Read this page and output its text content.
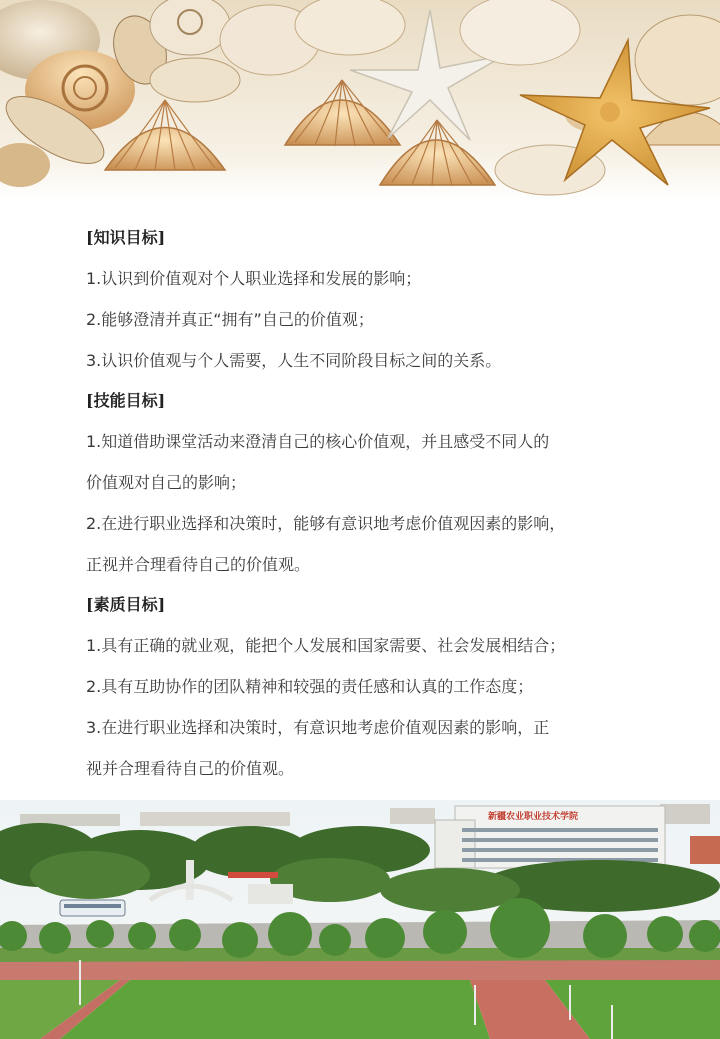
[知识目标]
1.认识到价值观对个人职业选择和发展的影响；
2.能够澄清并真正“拥有”自己的价值观；
3.认识价值观与个人需要，人生不同阶段目标之间的关系。
[技能目标]
1.知道借助课堂活动来澄清自己的核心价值观，并且感受不同人的
价值观对自己的影响；
2.在进行职业选择和决策时，能够有意识地考虑价值观因素的影响，
正视并合理看待自己的价值观。
[素质目标]
1.具有正确的就业观，能把个人发展和国家需要、社会发展相结合；
2.具有互助协作的团队精神和较强的责任感和认真的工作态度；
3.在进行职业选择和决策时，有意识地考虑价值观因素的影响，正
视并合理看待自己的价值观。
新疆农业职业技术学院
